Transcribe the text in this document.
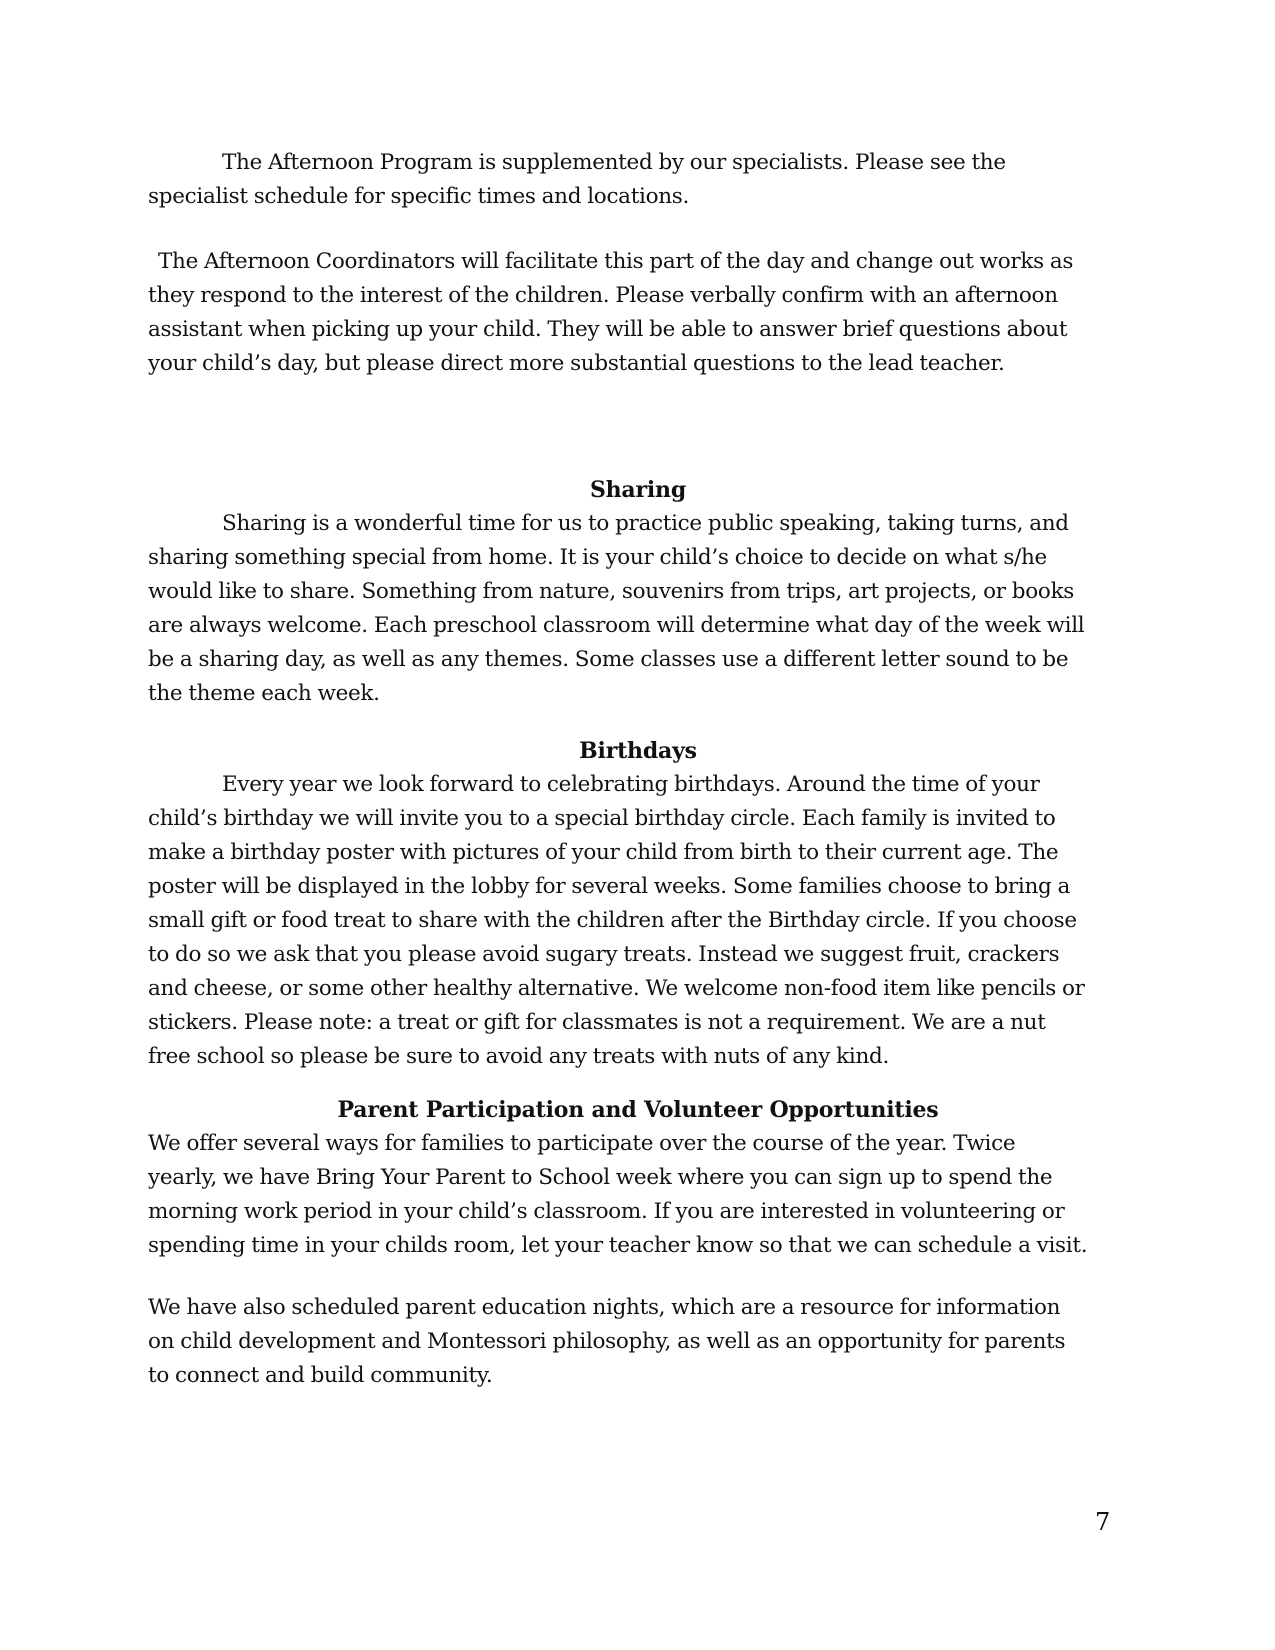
The Afternoon Program is supplemented by our specialists. Please see the
specialist schedule for specific times and locations.
The Afternoon Coordinators will facilitate this part of the day and change out works as
they respond to the interest of the children. Please verbally confirm with an afternoon
assistant when picking up your child. They will be able to answer brief questions about
your child’s day, but please direct more substantial questions to the lead teacher.
Sharing
Sharing is a wonderful time for us to practice public speaking, taking turns, and
sharing something special from home. It is your child’s choice to decide on what s/he
would like to share. Something from nature, souvenirs from trips, art projects, or books
are always welcome. Each preschool classroom will determine what day of the week will
be a sharing day, as well as any themes. Some classes use a different letter sound to be
the theme each week.
Birthdays
Every year we look forward to celebrating birthdays. Around the time of your
child’s birthday we will invite you to a special birthday circle. Each family is invited to
make a birthday poster with pictures of your child from birth to their current age. The
poster will be displayed in the lobby for several weeks. Some families choose to bring a
small gift or food treat to share with the children after the Birthday circle. If you choose
to do so we ask that you please avoid sugary treats. Instead we suggest fruit, crackers
and cheese, or some other healthy alternative. We welcome non-food item like pencils or
stickers. Please note: a treat or gift for classmates is not a requirement. We are a nut
free school so please be sure to avoid any treats with nuts of any kind.
Parent Participation and Volunteer Opportunities
We offer several ways for families to participate over the course of the year. Twice
yearly, we have Bring Your Parent to School week where you can sign up to spend the
morning work period in your child’s classroom. If you are interested in volunteering or
spending time in your childs room, let your teacher know so that we can schedule a visit.
We have also scheduled parent education nights, which are a resource for information
on child development and Montessori philosophy, as well as an opportunity for parents
to connect and build community.
7
